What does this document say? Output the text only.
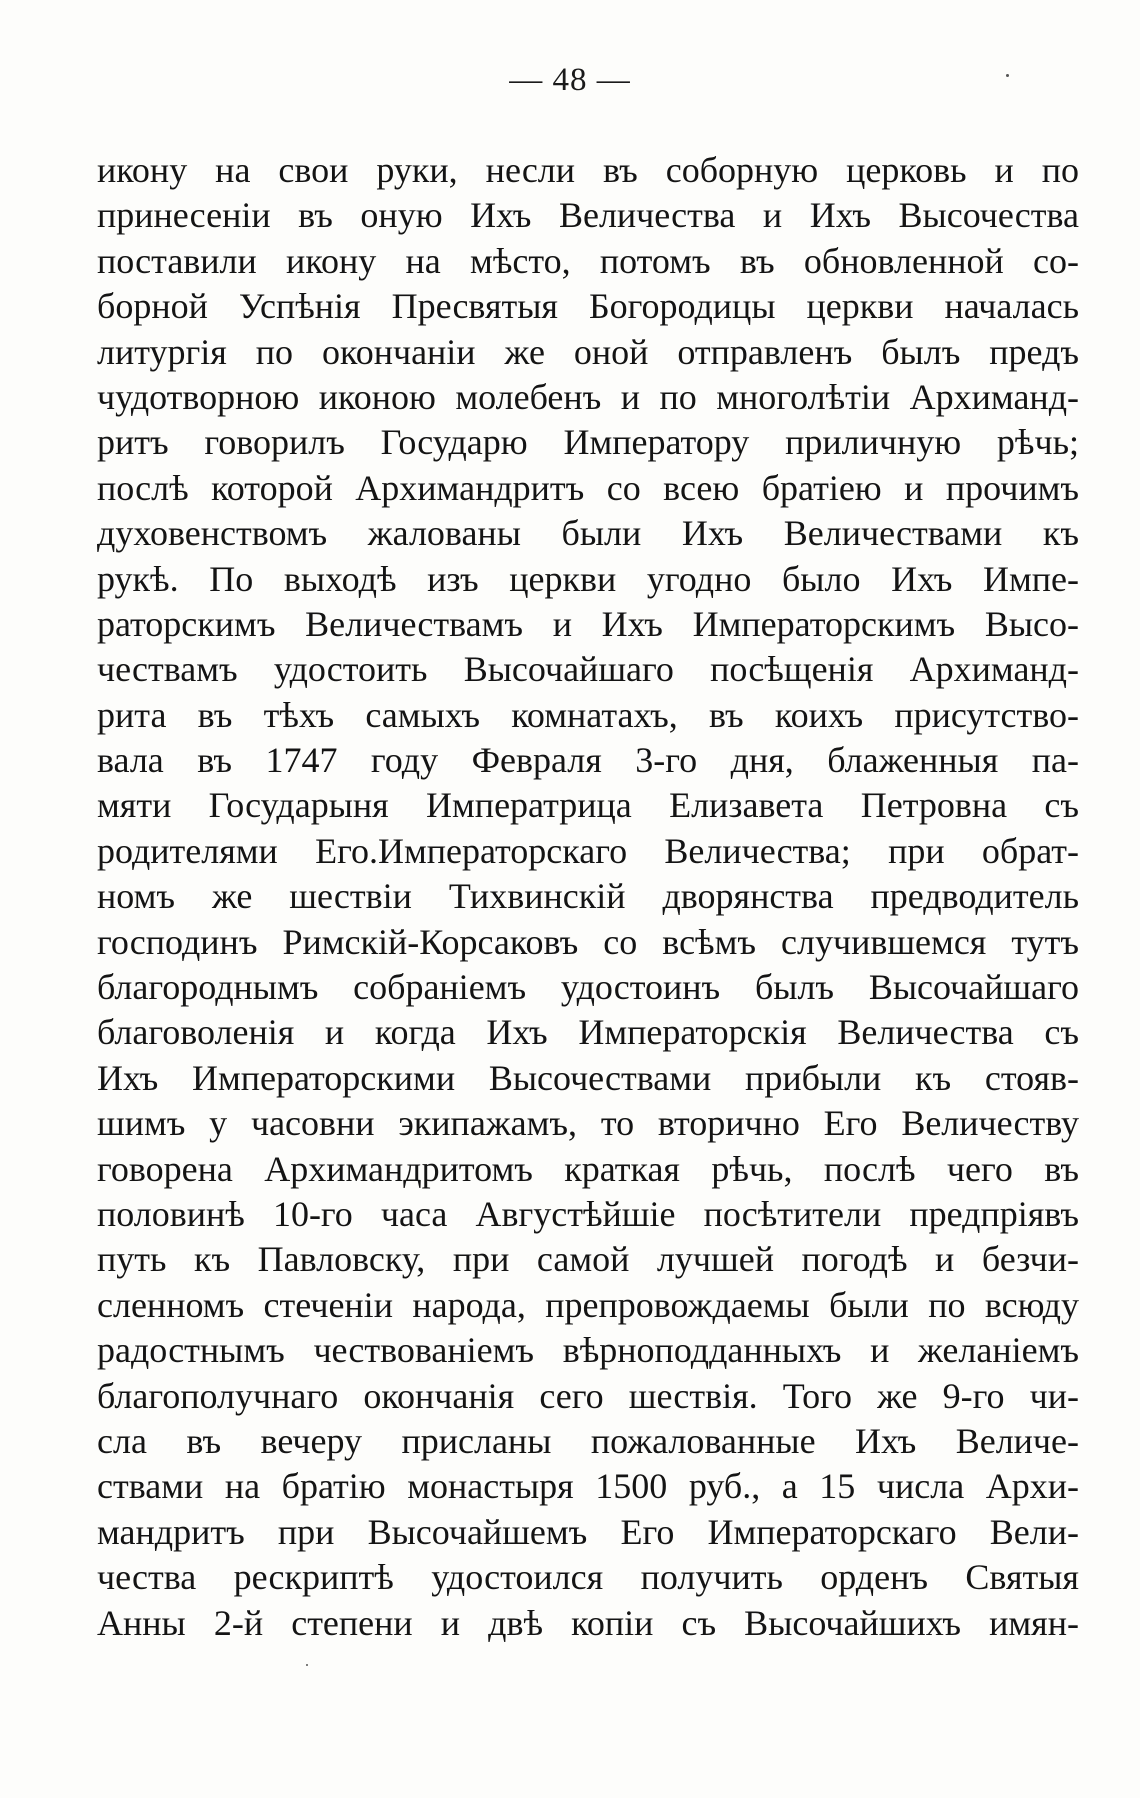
— 48 —
икону на свои руки, несли въ соборную церковь и по
принесеніи въ оную Ихъ Величества и Ихъ Высочества
поставили икону на мѣсто, потомъ въ обновленной со-
борной Успѣнія Пресвятыя Богородицы церкви началась
литургія по окончаніи же оной отправленъ былъ предъ
чудотворною иконою молебенъ и по многолѣтіи Архиманд-
ритъ говорилъ Государю Императору приличную рѣчь;
послѣ которой Архимандритъ со всею братіею и прочимъ
духовенствомъ жалованы были Ихъ Величествами къ
рукѣ. По выходѣ изъ церкви угодно было Ихъ Импе-
раторскимъ Величествамъ и Ихъ Императорскимъ Высо-
чествамъ удостоить Высочайшаго посѣщенія Архиманд-
рита въ тѣхъ самыхъ комнатахъ, въ коихъ присутство-
вала въ 1747 году Февраля 3-го дня, блаженныя па-
мяти Государыня Императрица Елизавета Петровна съ
родителями Его.Императорскаго Величества; при обрат-
номъ же шествіи Тихвинскій дворянства предводитель
господинъ Римскій-Корсаковъ со всѣмъ случившемся тутъ
благороднымъ собраніемъ удостоинъ былъ Высочайшаго
благоволенія и когда Ихъ Императорскія Величества съ
Ихъ Императорскими Высочествами прибыли къ стояв-
шимъ у часовни экипажамъ, то вторично Его Величеству
говорена Архимандритомъ краткая рѣчь, послѣ чего въ
половинѣ 10-го часа Августѣйшіе посѣтители предпріявъ
путь къ Павловску, при самой лучшей погодѣ и безчи-
сленномъ стеченіи народа, препровождаемы были по всюду
радостнымъ чествованіемъ вѣрноподданныхъ и желаніемъ
благополучнаго окончанія сего шествія. Того же 9-го чи-
сла въ вечеру присланы пожалованные Ихъ Величе-
ствами на братію монастыря 1500 руб., а 15 числа Архи-
мандритъ при Высочайшемъ Его Императорскаго Вели-
чества рескриптѣ удостоился получить орденъ Святыя
Анны 2-й степени и двѣ копіи съ Высочайшихъ имян-
